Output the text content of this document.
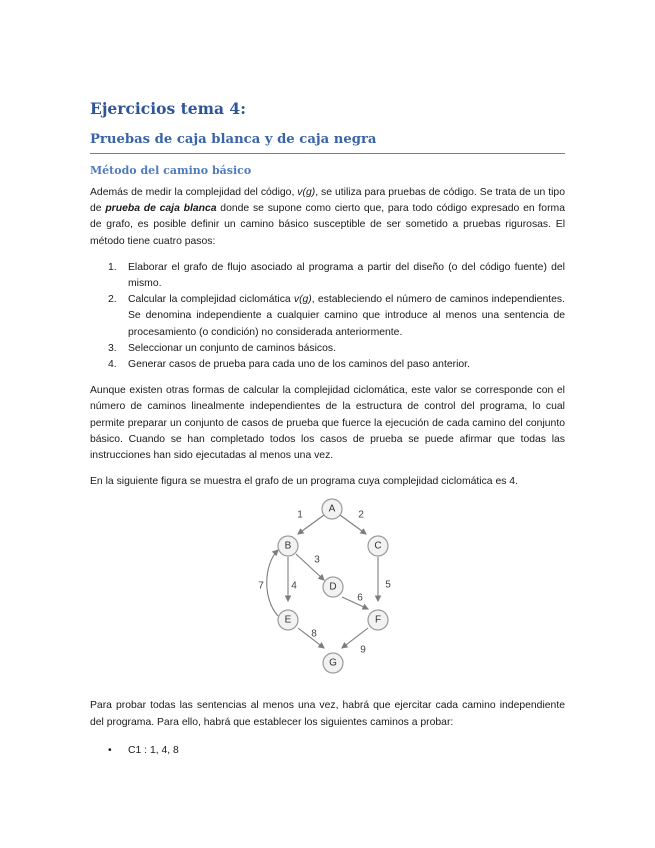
Ejercicios tema 4:
Pruebas de caja blanca y de caja negra
Método del camino básico

Además de medir la complejidad del código, v(g), se utiliza para pruebas de código. Se trata de un tipo de prueba de caja blanca donde se supone como cierto que, para todo código expresado en forma de grafo, es posible definir un camino básico susceptible de ser sometido a pruebas rigurosas. El método tiene cuatro pasos:

1. Elaborar el grafo de flujo asociado al programa a partir del diseño (o del código fuente) del mismo.
2. Calcular la complejidad ciclomática v(g), estableciendo el número de caminos independientes. Se denomina independiente a cualquier camino que introduce al menos una sentencia de procesamiento (o condición) no considerada anteriormente.
3. Seleccionar un conjunto de caminos básicos.
4. Generar casos de prueba para cada uno de los caminos del paso anterior.

Aunque existen otras formas de calcular la complejidad ciclomática, este valor se corresponde con el número de caminos linealmente independientes de la estructura de control del programa, lo cual permite preparar un conjunto de casos de prueba que fuerce la ejecución de cada camino del conjunto básico. Cuando se han completado todos los casos de prueba se puede afirmar que todas las instrucciones han sido ejecutadas al menos una vez.

En la siguiente figura se muestra el grafo de un programa cuya complejidad ciclomática es 4.

1	2
3
4	5
6
7
8
9
A
B	C
D
E	F
G

Para probar todas las sentencias al menos una vez, habrá que ejercitar cada camino independiente del programa. Para ello, habrá que establecer los siguientes caminos a probar:

• C1 : 1, 4, 8
